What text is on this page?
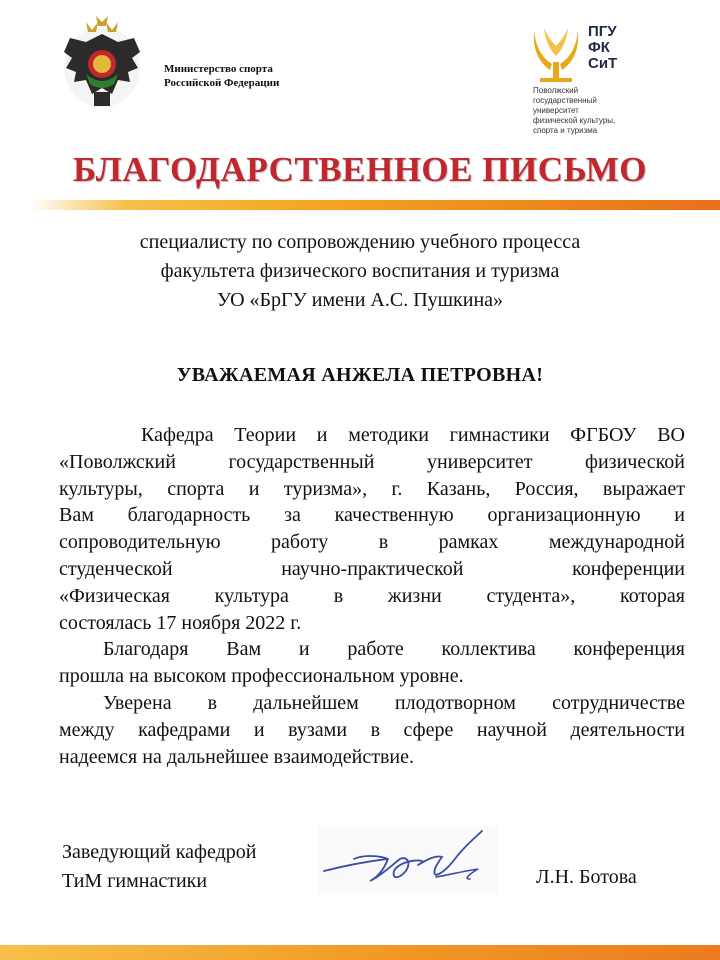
Министерство спорта
Российской Федерации
ПГУ
ФК
СиТ
Поволжский
государственный
университет
физической культуры,
спорта и туризма
БЛАГОДАРСТВЕННОЕ ПИСЬМО
специалисту по сопровождению учебного процесса
факультета физического воспитания и туризма
УО «БрГУ имени А.С. Пушкина»
УВАЖАЕМАЯ АНЖЕЛА ПЕТРОВНА!
Кафедра Теории и методики гимнастики ФГБОУ ВО
«Поволжский государственный университет физической
культуры, спорта и туризма», г. Казань, Россия, выражает
Вам благодарность за качественную организационную и
сопроводительную работу в рамках международной
студенческой научно-практической конференции
«Физическая культура в жизни студента», которая
состоялась 17 ноября 2022 г.
Благодаря Вам и работе коллектива конференция
прошла на высоком профессиональном уровне.
Уверена в дальнейшем плодотворном сотрудничестве
между кафедрами и вузами в сфере научной деятельности
надеемся на дальнейшее взаимодействие.
Заведующий кафедрой
ТиМ гимнастики	Л.Н. Ботова
